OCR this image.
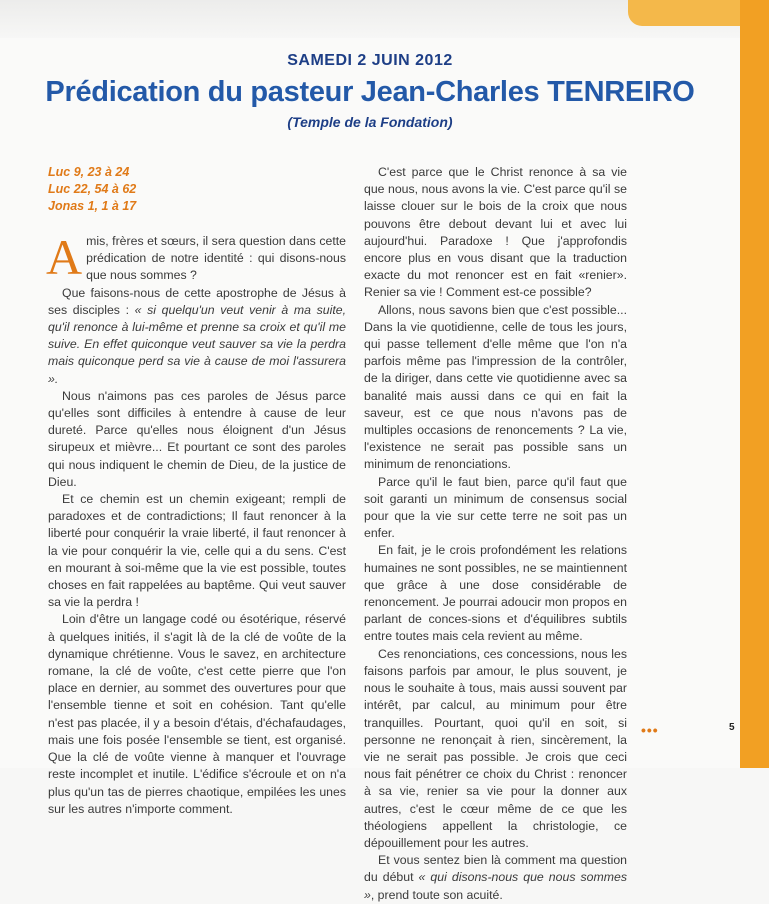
SAMEDI 2 JUIN 2012
Prédication du pasteur Jean-Charles TENREIRO
(Temple de la Fondation)
Luc 9, 23 à 24
Luc 22, 54 à 62
Jonas 1, 1 à 17

Amis, frères et sœurs, il sera question dans cette prédication de notre identité : qui disons-nous que nous sommes ?

Que faisons-nous de cette apostrophe de Jésus à ses disciples : « si quelqu'un veut venir à ma suite, qu'il renonce à lui-même et prenne sa croix et qu'il me suive. En effet quiconque veut sauver sa vie la perdra mais quiconque perd sa vie à cause de moi l'assurera ».

Nous n'aimons pas ces paroles de Jésus parce qu'elles sont difficiles à entendre à cause de leur dureté. Parce qu'elles nous éloignent d'un Jésus sirupeux et mièvre... Et pourtant ce sont des paroles qui nous indiquent le chemin de Dieu, de la justice de Dieu.

Et ce chemin est un chemin exigeant; rempli de paradoxes et de contradictions; Il faut renoncer à la liberté pour conquérir la vraie liberté, il faut renoncer à la vie pour conquérir la vie, celle qui a du sens. C'est en mourant à soi-même que la vie est possible, toutes choses en fait rappelées au baptême. Qui veut sauver sa vie la perdra !

Loin d'être un langage codé ou ésotérique, réservé à quelques initiés, il s'agit là de la clé de voûte de la dynamique chrétienne. Vous le savez, en architecture romane, la clé de voûte, c'est cette pierre que l'on place en dernier, au sommet des ouvertures pour que l'ensemble tienne et soit en cohésion. Tant qu'elle n'est pas placée, il y a besoin d'étais, d'échafaudages, mais une fois posée l'ensemble se tient, est organisé. Que la clé de voûte vienne à manquer et l'ouvrage reste incomplet et inutile. L'édifice s'écroule et on n'a plus qu'un tas de pierres chaotique, empilées les unes sur les autres n'importe comment.

C'est parce que le Christ renonce à sa vie que nous, nous avons la vie. C'est parce qu'il se laisse clouer sur le bois de la croix que nous pouvons être debout devant lui et avec lui aujourd'hui. Paradoxe ! Que j'approfondis encore plus en vous disant que la traduction exacte du mot renoncer est en fait «renier». Renier sa vie ! Comment est-ce possible?

Allons, nous savons bien que c'est possible... Dans la vie quotidienne, celle de tous les jours, qui passe tellement d'elle même que l'on n'a parfois même pas l'impression de la contrôler, de la diriger, dans cette vie quotidienne avec sa banalité mais aussi dans ce qui en fait la saveur, est ce que nous n'avons pas de multiples occasions de renoncements ? La vie, l'existence ne serait pas possible sans un minimum de renonciations.

Parce qu'il le faut bien, parce qu'il faut que soit garanti un minimum de consensus social pour que la vie sur cette terre ne soit pas un enfer.

En fait, je le crois profondément les relations humaines ne sont possibles, ne se maintiennent que grâce à une dose considérable de renoncement. Je pourrai adoucir mon propos en parlant de conces-sions et d'équilibres subtils entre toutes mais cela revient au même.

Ces renonciations, ces concessions, nous les faisons parfois par amour, le plus souvent, je nous le souhaite à tous, mais aussi souvent par intérêt, par calcul, au minimum pour être tranquilles. Pourtant, quoi qu'il en soit, si personne ne renonçait à rien, sincèrement, la vie ne serait pas possible. Je crois que ceci nous fait pénétrer ce choix du Christ : renoncer à sa vie, renier sa vie pour la donner aux autres, c'est le cœur même de ce que les théologiens appellent la christologie, ce dépouillement pour les autres.

Et vous sentez bien là comment ma question du début « qui disons-nous que nous sommes », prend toute son acuité.

•••	5
